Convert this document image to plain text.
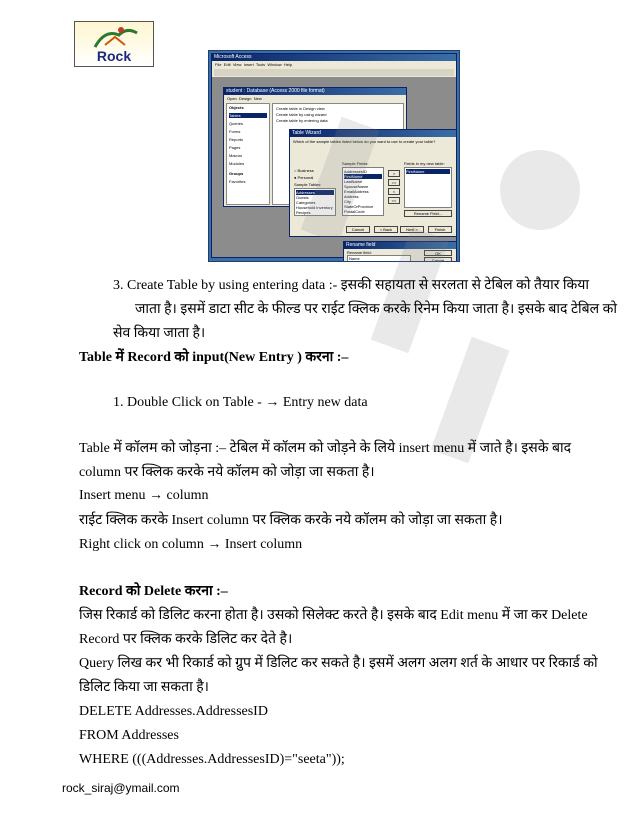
Rock	Microsoft Access
File Edit View Insert Tools Window Help
student : Database (Access 2000 file format)
Open Design New
Objects
Tables
Queries
Forms
Reports
Pages
Macros
Modules
Groups
Favorites
Create table in Design view
Create table by using wizard
Create table by entering data
Table Wizard
Which of the sample tables listed below do you want to use to create your table?
○ Business
● Personal
Sample Tables:
Addresses
Guests
Categories
Household Inventory
Recipes
Sample Fields:
AddressesID
FirstName
LastName
SpouseName
EmailAddress
Address
City
StateOrProvince
PostalCode
>
>>
<
<<
Fields in my new table:
FirstName
Rename Field...
Cancel	< Back	Next >	Finish
Rename field
Rename field:
Name
OK
Cancel
3. Create Table by using entering data :- इसकी सहायता से सरलता से टेबिल को तैयार किया
जाता है। इसमें डाटा सीट के फील्ड पर राईट क्लिक करके रिनेम किया जाता है। इसके बाद टेबिल को
सेव किया जाता है।
Table में Record को input(New Entry ) करना :–
1. Double Click on Table - → Entry new data
Table में कॉलम को जोड़ना :– टेबिल में कॉलम को जोड़ने के लिये insert menu में जाते है। इसके बाद
column पर क्लिक करके नये कॉलम को जोड़ा जा सकता है।
Insert menu → column
राईट क्लिक करके Insert column पर क्लिक करके नये कॉलम को जोड़ा जा सकता है।
Right click on column → Insert column
Record को Delete करना :–
जिस रिकार्ड को डिलिट करना होता है। उसको सिलेक्ट करते है। इसके बाद Edit menu में जा कर Delete
Record पर क्लिक करके डिलिट कर देते है।
Query लिख कर भी रिकार्ड को ग्रुप में डिलिट कर सकते है। इसमें अलग अलग शर्त के आधार पर रिकार्ड को
डिलिट किया जा सकता है।
DELETE Addresses.AddressesID
FROM Addresses
WHERE (((Addresses.AddressesID)="seeta"));
rock_siraj@ymail.com
